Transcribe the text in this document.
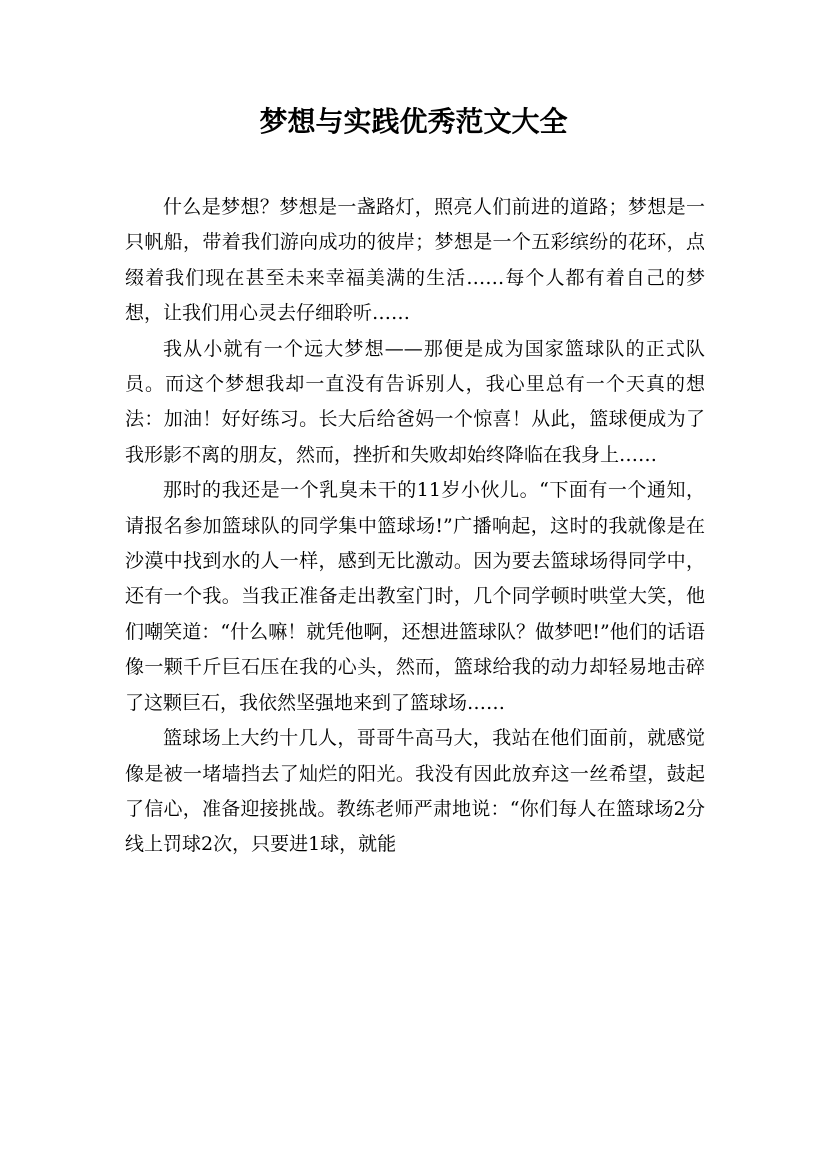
梦想与实践优秀范文大全

什么是梦想？梦想是一盏路灯，照亮人们前进的道路；梦想是一只帆船，带着我们游向成功的彼岸；梦想是一个五彩缤纷的花环，点缀着我们现在甚至未来幸福美满的生活……每个人都有着自己的梦想，让我们用心灵去仔细聆听……

我从小就有一个远大梦想——那便是成为国家篮球队的正式队员。而这个梦想我却一直没有告诉别人，我心里总有一个天真的想法：加油！好好练习。长大后给爸妈一个惊喜！从此，篮球便成为了我形影不离的朋友，然而，挫折和失败却始终降临在我身上……

那时的我还是一个乳臭未干的11岁小伙儿。“下面有一个通知，请报名参加篮球队的同学集中篮球场!”广播响起，这时的我就像是在沙漠中找到水的人一样，感到无比激动。因为要去篮球场得同学中，还有一个我。当我正准备走出教室门时，几个同学顿时哄堂大笑，他们嘲笑道：“什么嘛！就凭他啊，还想进篮球队？做梦吧!”他们的话语像一颗千斤巨石压在我的心头，然而，篮球给我的动力却轻易地击碎了这颗巨石，我依然坚强地来到了篮球场……

篮球场上大约十几人，哥哥牛高马大，我站在他们面前，就感觉像是被一堵墙挡去了灿烂的阳光。我没有因此放弃这一丝希望，鼓起了信心，准备迎接挑战。教练老师严肃地说：“你们每人在篮球场2分线上罚球2次，只要进1球，就能
